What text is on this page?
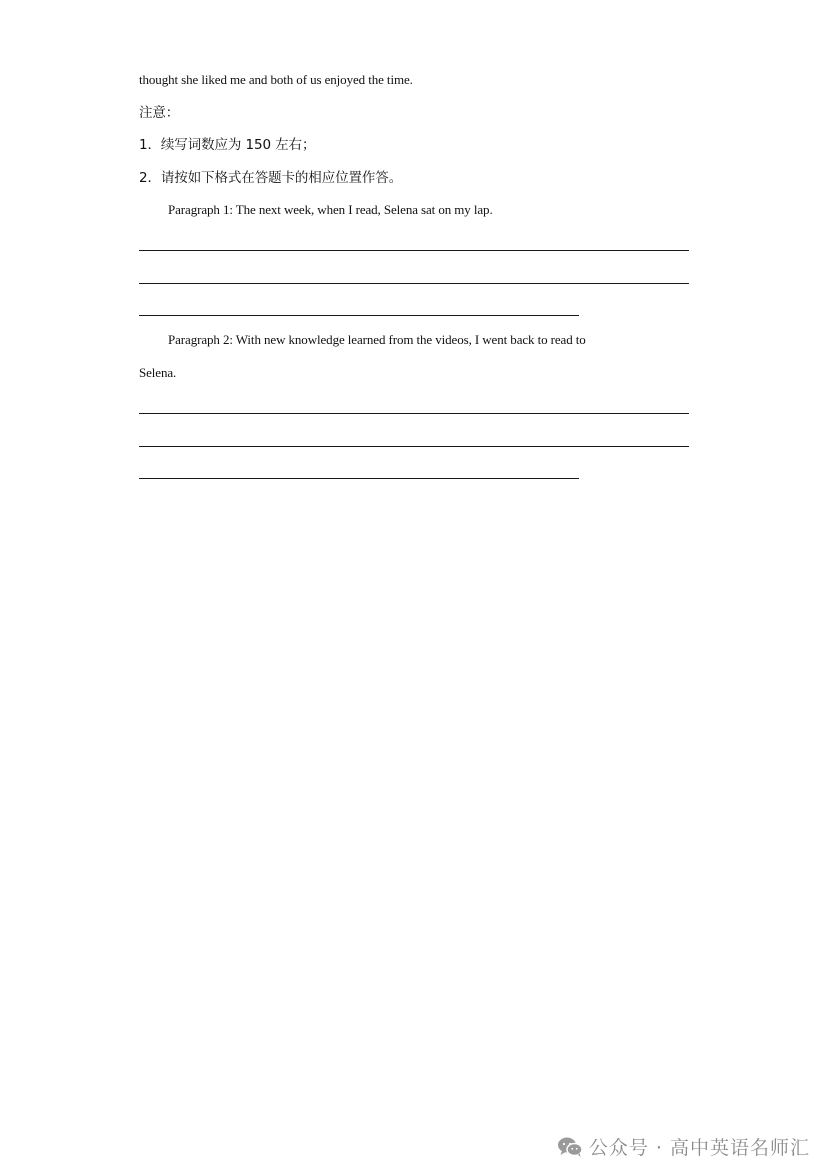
thought she liked me and both of us enjoyed the time.
注意：
1．续写词数应为 150 左右；
2．请按如下格式在答题卡的相应位置作答。
Paragraph 1: The next week, when I read, Selena sat on my lap.
Paragraph 2: With new knowledge learned from the videos, I went back to read to
Selena.
公众号 · 高中英语名师汇
